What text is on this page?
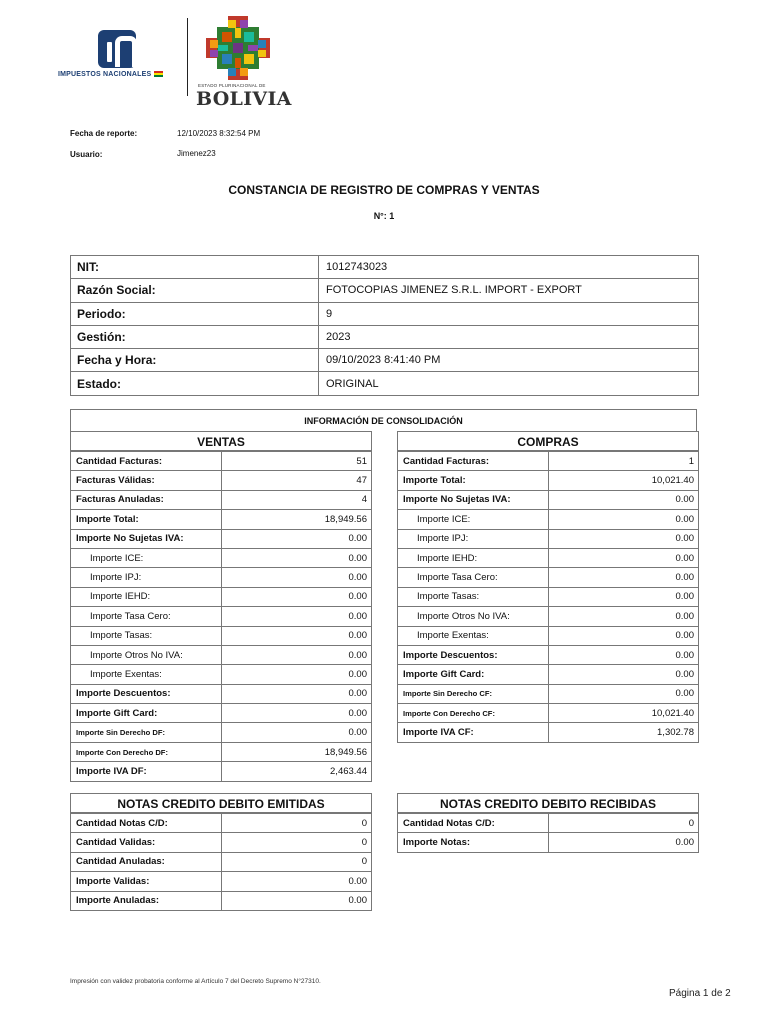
IMPUESTOS NACIONALES
ESTADO PLURINACIONAL DE
BOLIVIA
Fecha de reporte:	12/10/2023 8:32:54 PM
Usuario:	Jimenez23
CONSTANCIA DE REGISTRO DE COMPRAS Y VENTAS
N°: 1
NIT:	1012743023
Razón Social:	FOTOCOPIAS JIMENEZ S.R.L. IMPORT - EXPORT
Periodo:	9
Gestión:	2023
Fecha y Hora:	09/10/2023 8:41:40 PM
Estado:	ORIGINAL
INFORMACIÓN DE CONSOLIDACIÓN
VENTAS
Cantidad Facturas:	51
Facturas Válidas:	47
Facturas Anuladas:	4
Importe Total:	18,949.56
Importe No Sujetas IVA:	0.00
Importe ICE:	0.00
Importe IPJ:	0.00
Importe IEHD:	0.00
Importe Tasa Cero:	0.00
Importe Tasas:	0.00
Importe Otros No IVA:	0.00
Importe Exentas:	0.00
Importe Descuentos:	0.00
Importe Gift Card:	0.00
Importe Sin Derecho DF:	0.00
Importe Con Derecho DF:	18,949.56
Importe IVA DF:	2,463.44
COMPRAS
Cantidad Facturas:	1
Importe Total:	10,021.40
Importe No Sujetas IVA:	0.00
Importe ICE:	0.00
Importe IPJ:	0.00
Importe IEHD:	0.00
Importe Tasa Cero:	0.00
Importe Tasas:	0.00
Importe Otros No IVA:	0.00
Importe Exentas:	0.00
Importe Descuentos:	0.00
Importe Gift Card:	0.00
Importe Sin Derecho CF:	0.00
Importe Con Derecho CF:	10,021.40
Importe IVA CF:	1,302.78
NOTAS CREDITO DEBITO EMITIDAS
Cantidad Notas C/D:	0
Cantidad Validas:	0
Cantidad Anuladas:	0
Importe Validas:	0.00
Importe Anuladas:	0.00
NOTAS CREDITO DEBITO RECIBIDAS
Cantidad Notas C/D:	0
Importe Notas:	0.00
Impresión con validez probatoria conforme al Artículo 7 del Decreto Supremo N°27310.
Página 1 de 2
